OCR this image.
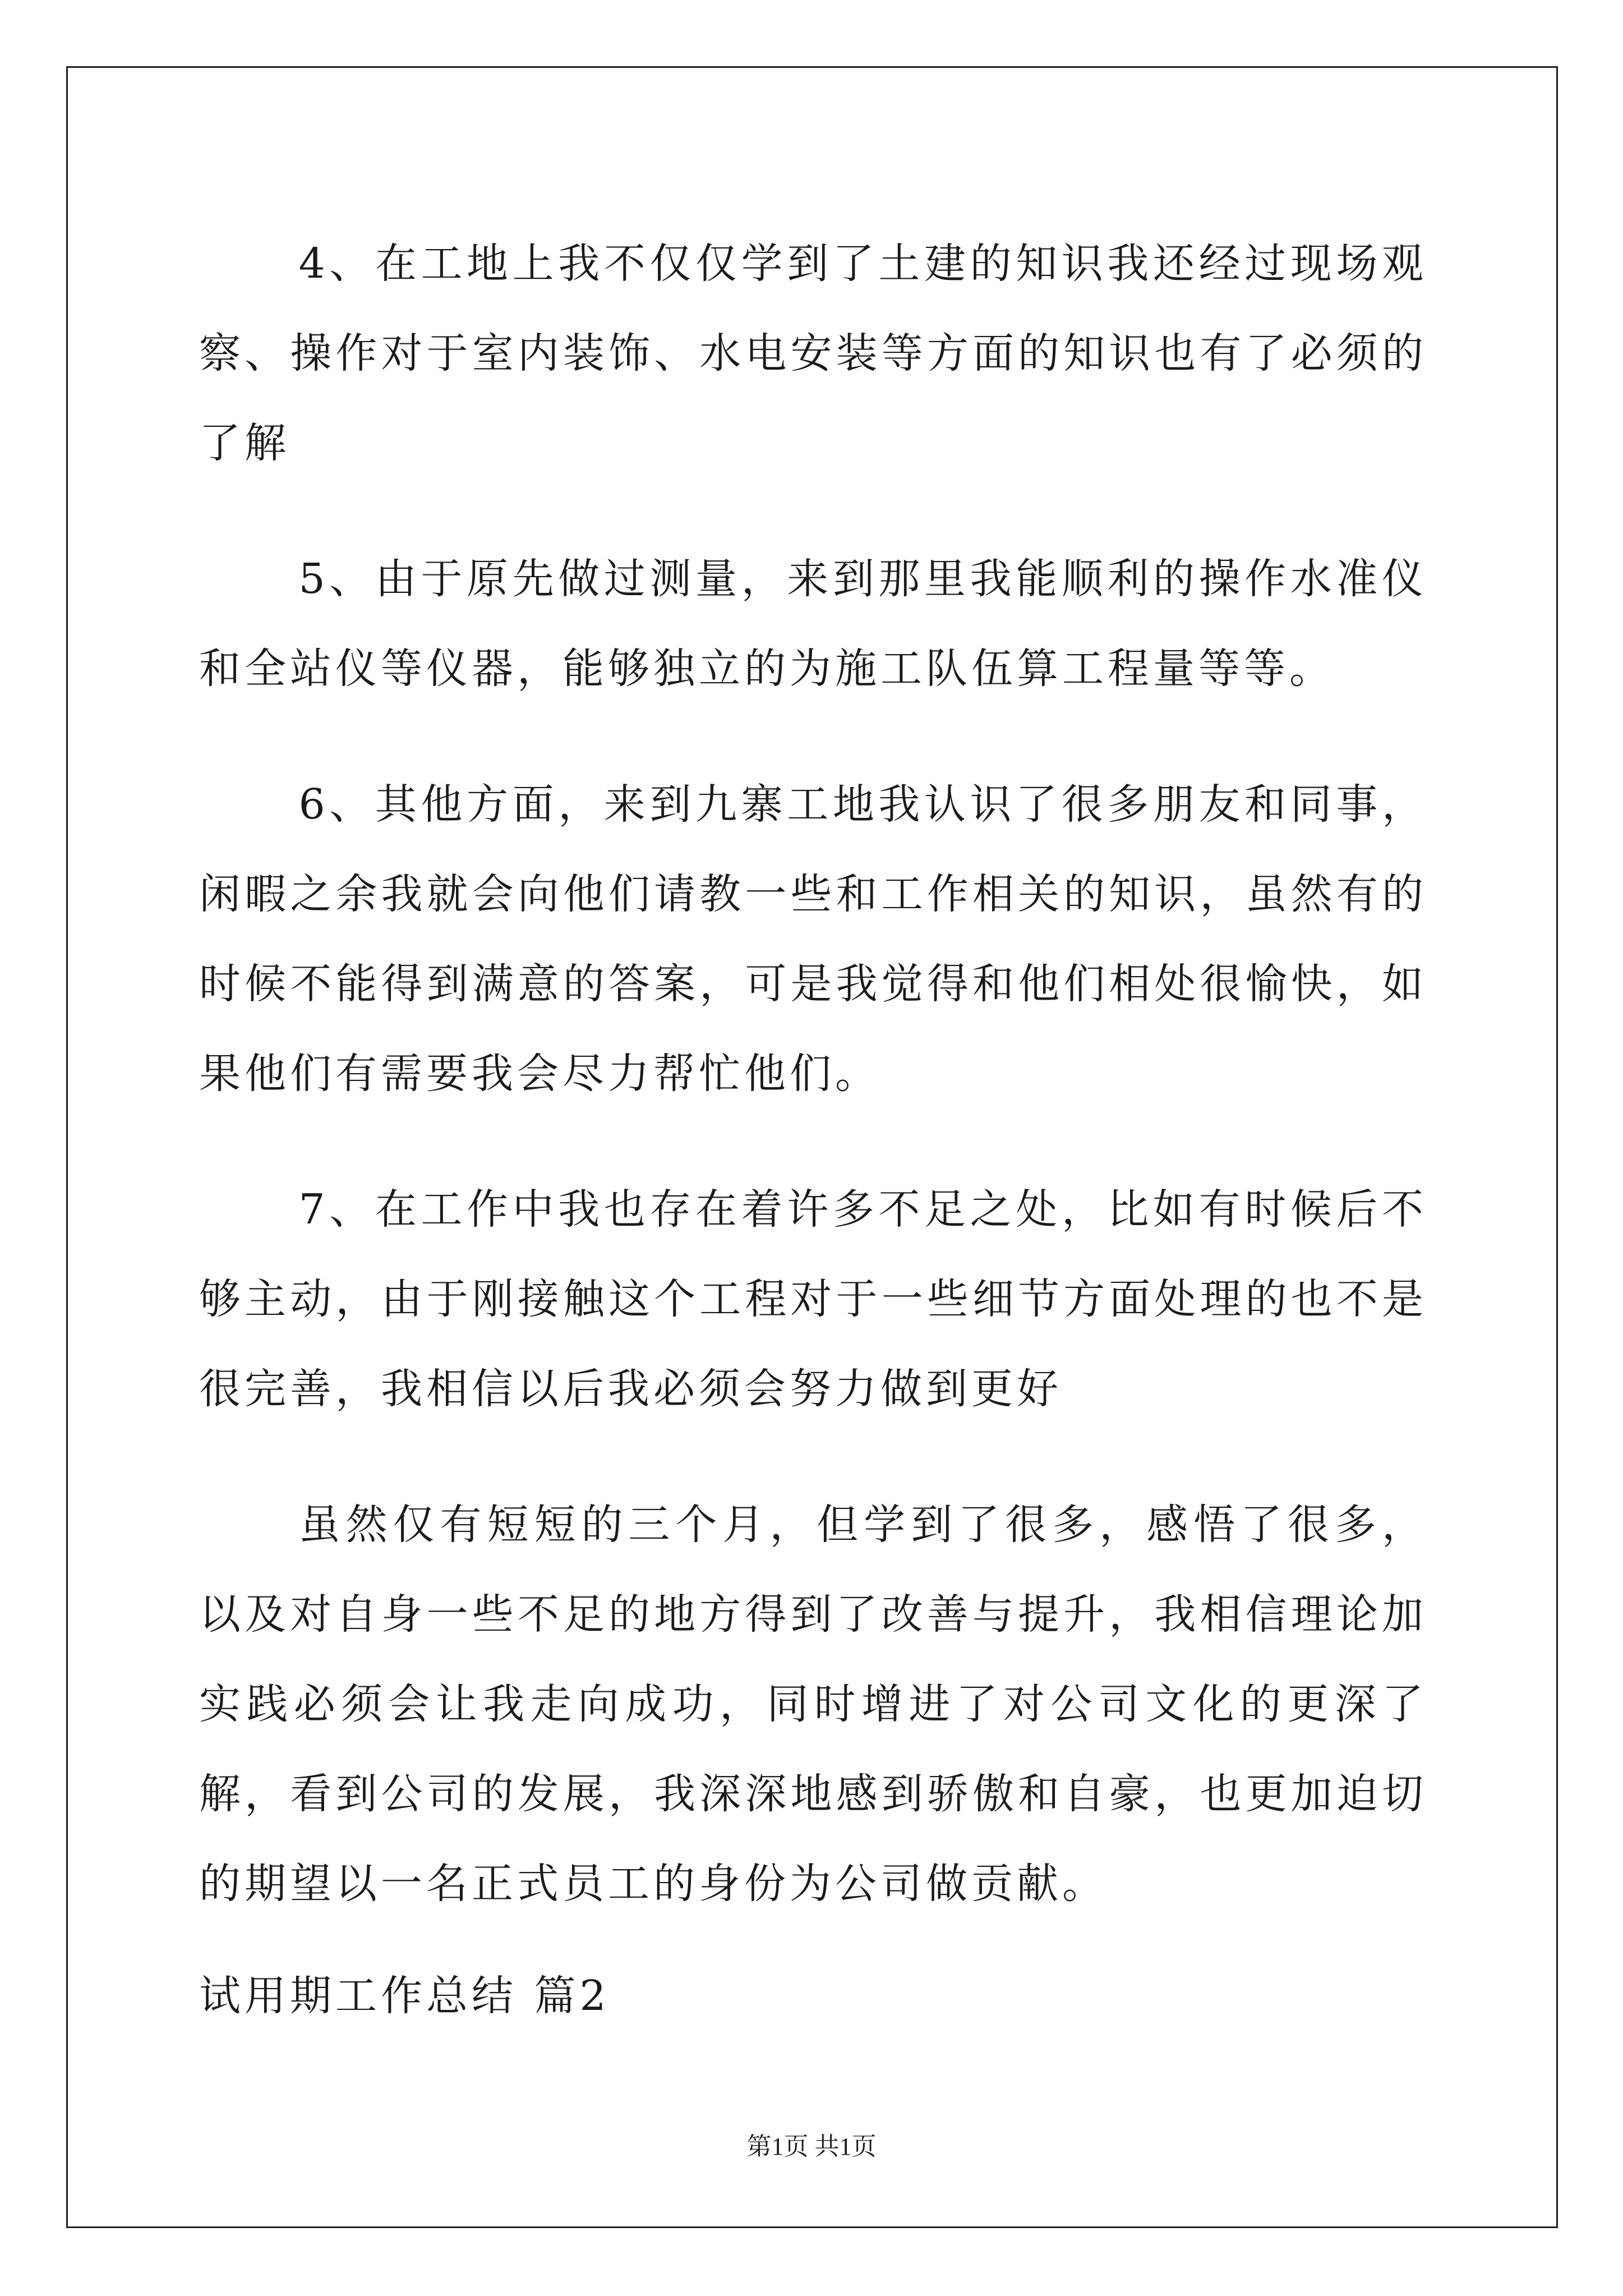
4、在工地上我不仅仅学到了土建的知识我还经过现场观察、操作对于室内装饰、水电安装等方面的知识也有了必须的了解

5、由于原先做过测量，来到那里我能顺利的操作水准仪和全站仪等仪器，能够独立的为施工队伍算工程量等等。

6、其他方面，来到九寨工地我认识了很多朋友和同事，闲暇之余我就会向他们请教一些和工作相关的知识，虽然有的时候不能得到满意的答案，可是我觉得和他们相处很愉快，如果他们有需要我会尽力帮忙他们。

7、在工作中我也存在着许多不足之处，比如有时候后不够主动，由于刚接触这个工程对于一些细节方面处理的也不是很完善，我相信以后我必须会努力做到更好

虽然仅有短短的三个月，但学到了很多，感悟了很多，以及对自身一些不足的地方得到了改善与提升，我相信理论加实践必须会让我走向成功，同时增进了对公司文化的更深了解，看到公司的发展，我深深地感到骄傲和自豪，也更加迫切的期望以一名正式员工的身份为公司做贡献。

试用期工作总结 篇2

第1页 共1页
